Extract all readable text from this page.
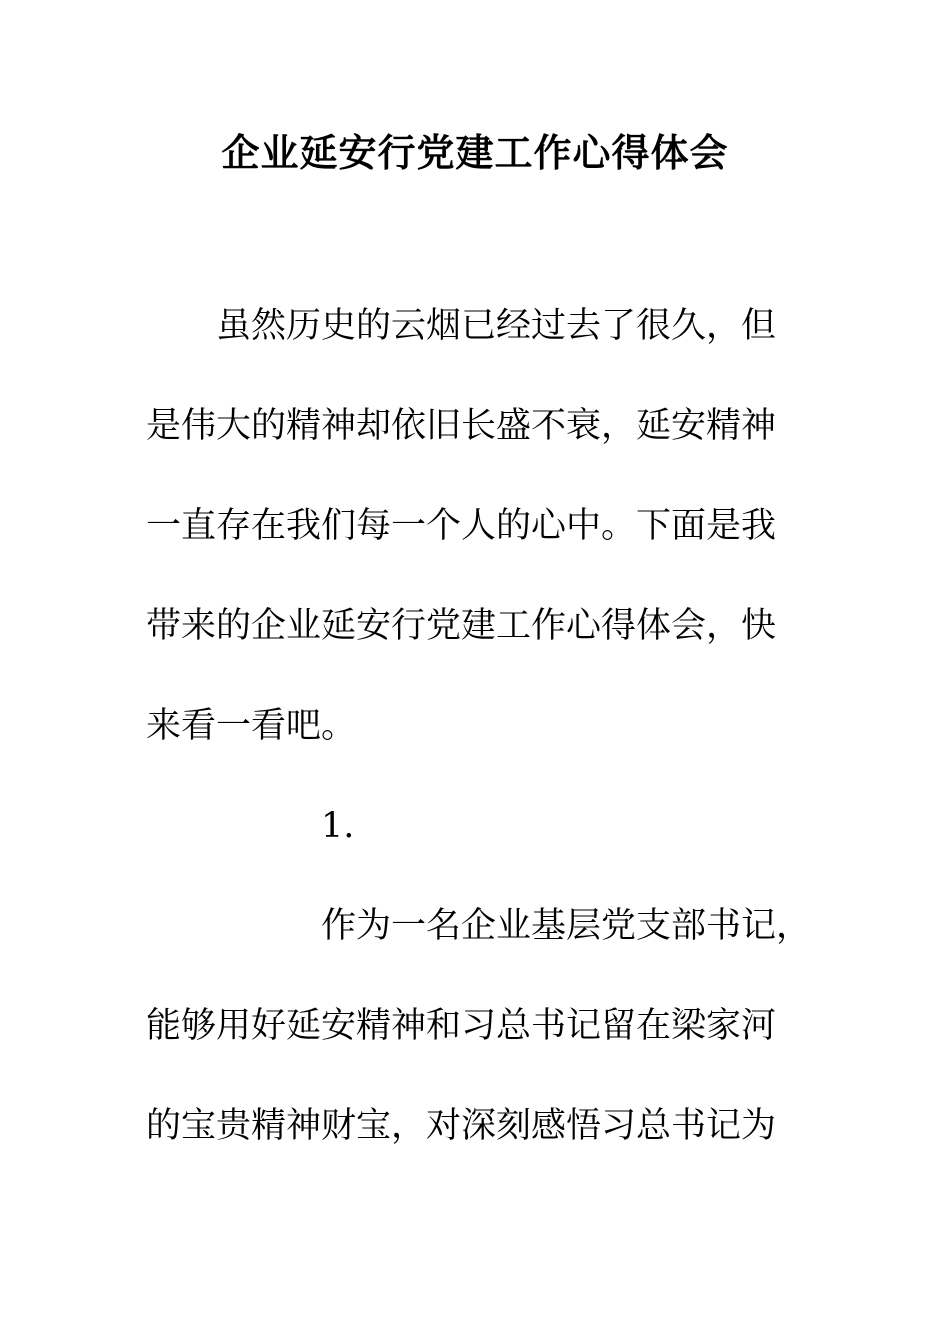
企业延安行党建工作心得体会

虽然历史的云烟已经过去了很久，但

是伟大的精神却依旧长盛不衰，延安精神

一直存在我们每一个人的心中。下面是我

带来的企业延安行党建工作心得体会，快

来看一看吧。

1.

作为一名企业基层党支部书记，

能够用好延安精神和习总书记留在梁家河

的宝贵精神财宝，对深刻感悟习总书记为
